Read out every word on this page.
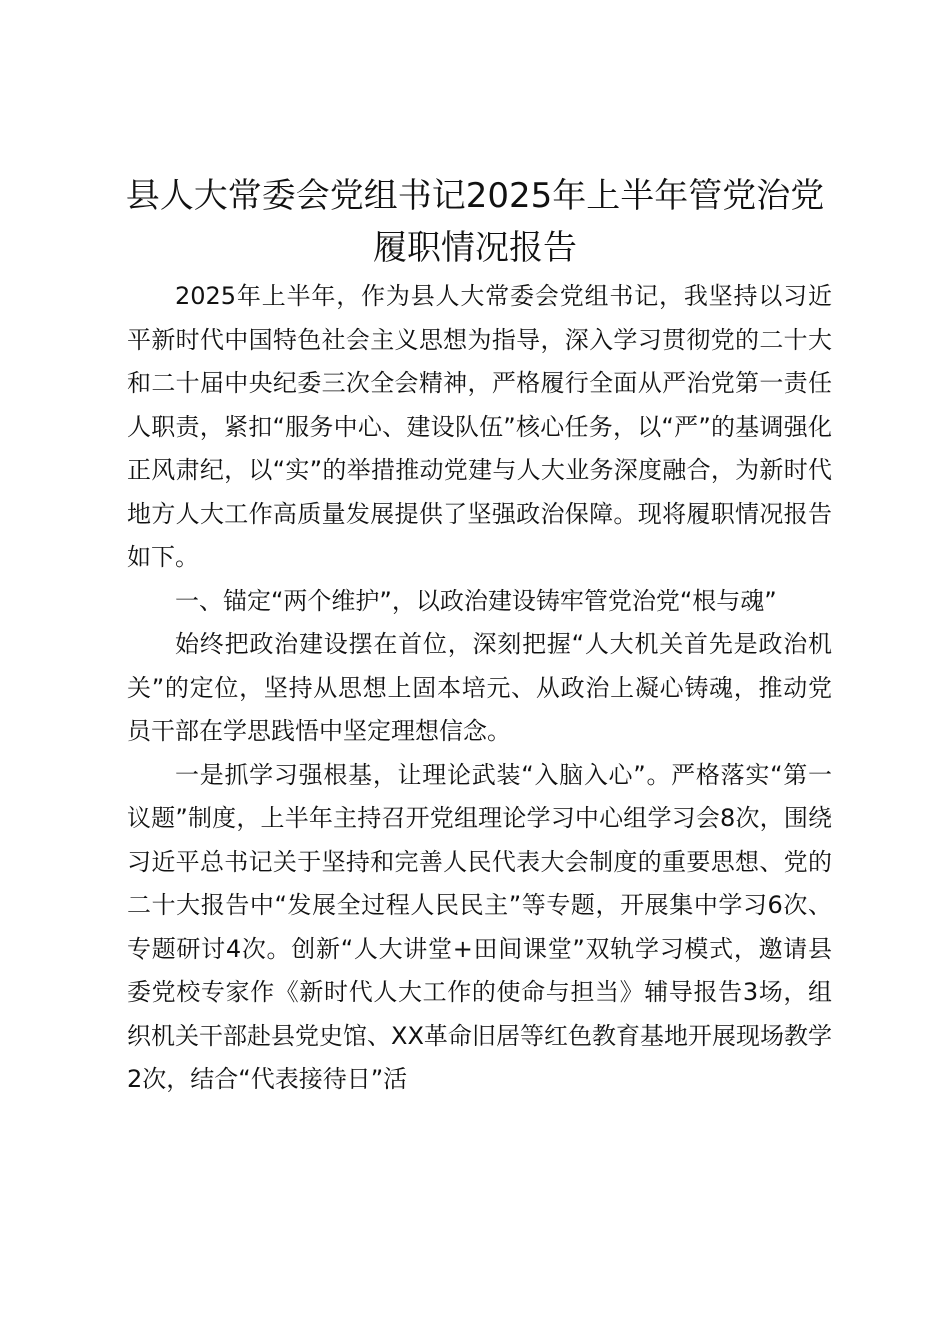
县人大常委会党组书记2025年上半年管党治党履职情况报告

2025年上半年，作为县人大常委会党组书记，我坚持以习近平新时代中国特色社会主义思想为指导，深入学习贯彻党的二十大和二十届中央纪委三次全会精神，严格履行全面从严治党第一责任人职责，紧扣“服务中心、建设队伍”核心任务，以“严”的基调强化正风肃纪，以“实”的举措推动党建与人大业务深度融合，为新时代地方人大工作高质量发展提供了坚强政治保障。现将履职情况报告如下。

一、锚定“两个维护”，以政治建设铸牢管党治党“根与魂”

始终把政治建设摆在首位，深刻把握“人大机关首先是政治机关”的定位，坚持从思想上固本培元、从政治上凝心铸魂，推动党员干部在学思践悟中坚定理想信念。

一是抓学习强根基，让理论武装“入脑入心”。严格落实“第一议题”制度，上半年主持召开党组理论学习中心组学习会8次，围绕习近平总书记关于坚持和完善人民代表大会制度的重要思想、党的二十大报告中“发展全过程人民民主”等专题，开展集中学习6次、专题研讨4次。创新“人大讲堂+田间课堂”双轨学习模式，邀请县委党校专家作《新时代人大工作的使命与担当》辅导报告3场，组织机关干部赴县党史馆、XX革命旧居等红色教育基地开展现场教学2次，结合“代表接待日”活
